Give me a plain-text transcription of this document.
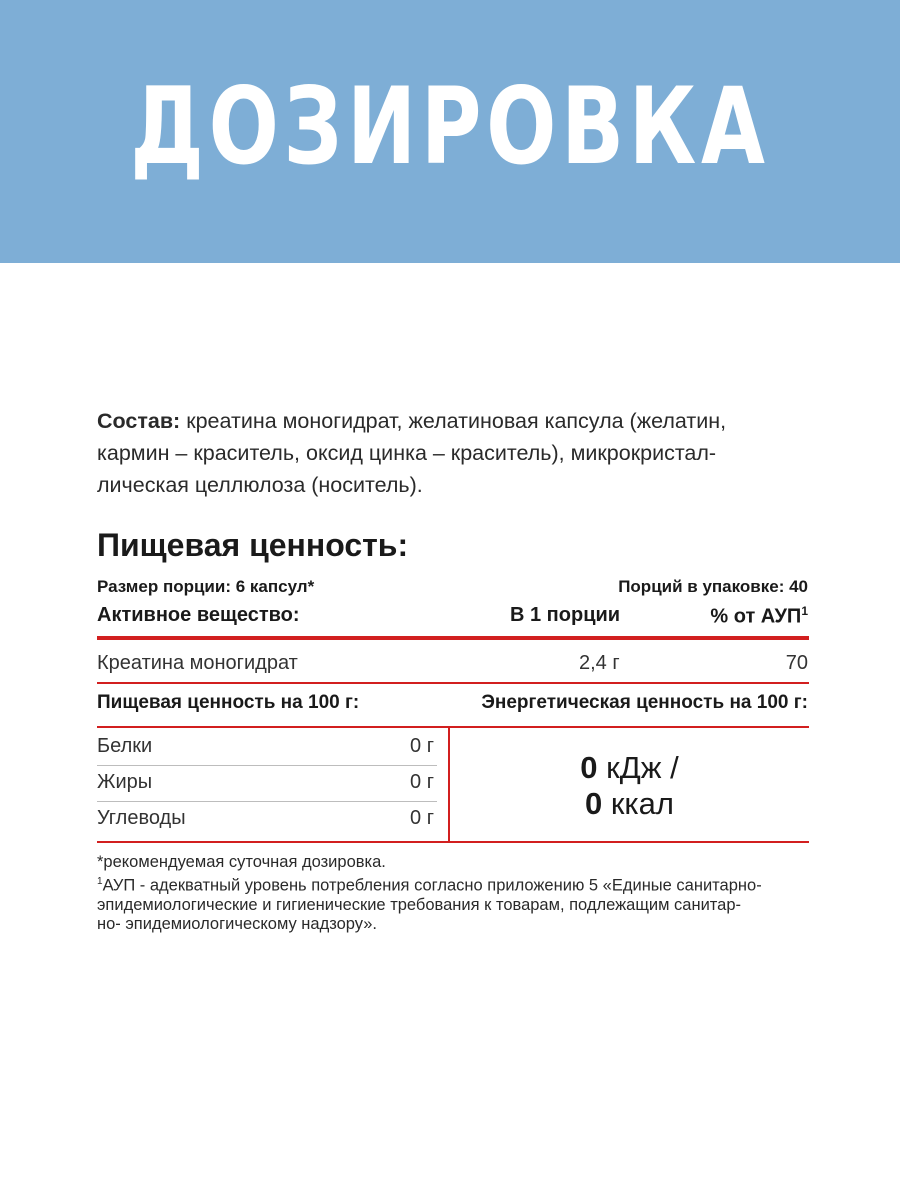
ДОЗИРОВКА
Состав: креатина моногидрат, желатиновая капсула (желатин,
кармин – краситель, оксид цинка – краситель), микрокристал-
лическая целлюлоза (носитель).
Пищевая ценность:
Размер порции: 6 капсул*	Порций в упаковке: 40
Активное вещество:	В 1 порции	% от АУП$^1$
Креатина моногидрат	2,4 г	70
Пищевая ценность на 100 г:	Энергетическая ценность на 100 г:
Белки	0 г
Жиры	0 г
Углеводы	0 г
0 кДж /
0 ккал
*рекомендуемая суточная дозировка.
$^1$АУП - адекватный уровень потребления согласно приложению 5 «Единые санитарно-
эпидемиологические и гигиенические требования к товарам, подлежащим санитар-
но- эпидемиологическому надзору».
